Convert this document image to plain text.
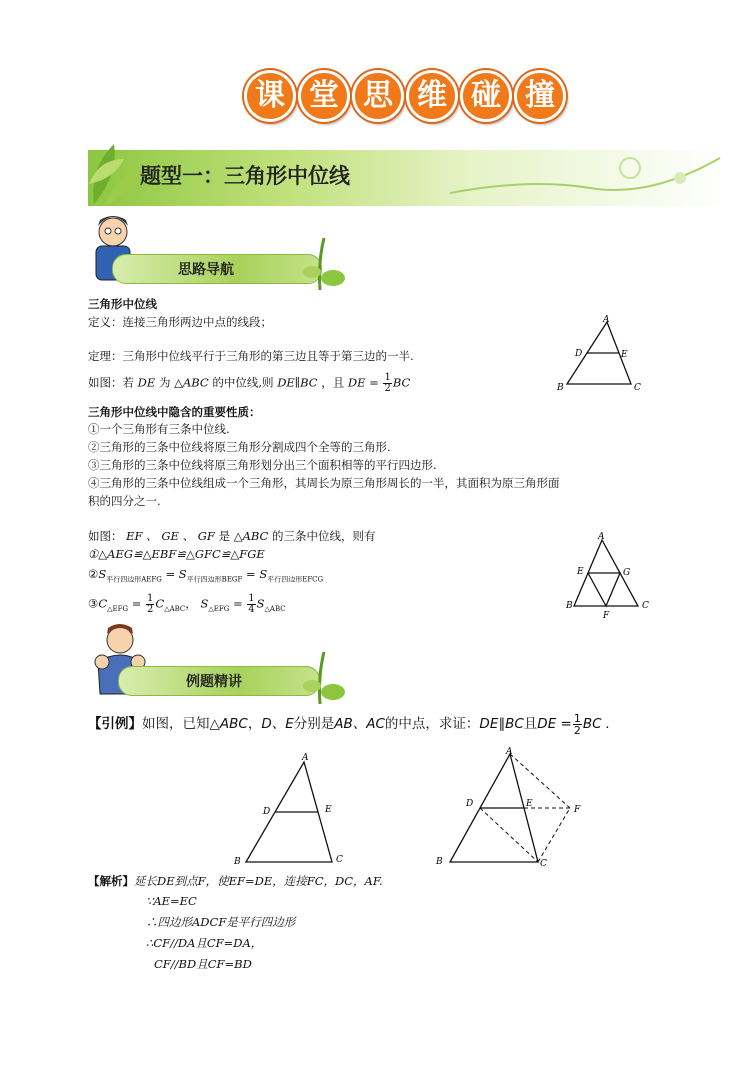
课 堂 思 维 碰 撞
题型一：三角形中位线
思路导航
三角形中位线
定义：连接三角形两边中点的线段；
定理：三角形中位线平行于三角形的第三边且等于第三边的一半.
如图：若 DE 为 △ABC 的中位线,则 DE∥BC ，且 DE = $\frac{1}{2}$ BC
A
B	C
D	E
三角形中位线中隐含的重要性质：
①一个三角形有三条中位线.
②三角形的三条中位线将原三角形分割成四个全等的三角形.
③三角形的三条中位线将原三角形划分出三个面积相等的平行四边形.
④三角形的三条中位线组成一个三角形，其周长为原三角形周长的一半，其面积为原三角形面
积的四分之一.
如图： EF 、 GE 、 GF 是 △ABC 的三条中位线，则有
①△AEG≌△EBF≌△GFC≌△FGE
$②S_{平行四边形AEFG} = S_{平行四边形BEGF} = S_{平行四边形EFCG}$
$③C_{\triangle EFG} = \frac{1}{2} C_{\triangle ABC}$， $S_{\triangle EFG} = \frac{1}{4} S_{\triangle ABC}$
A
B	C
E	G
F
例题精讲
【引例】如图，已知△ABC，D、E分别是AB、AC的中点，求证：DE∥BC且DE = $\frac{1}{2}$ BC .
A
B	C
D	E
A
B	C
D	E
F
【解析】延长DE到点F，使EF=DE，连接FC，DC，AF.
∵AE=EC
∴四边形ADCF是平行四边形
∴CF//DA且CF=DA，
CF//BD且CF=BD
